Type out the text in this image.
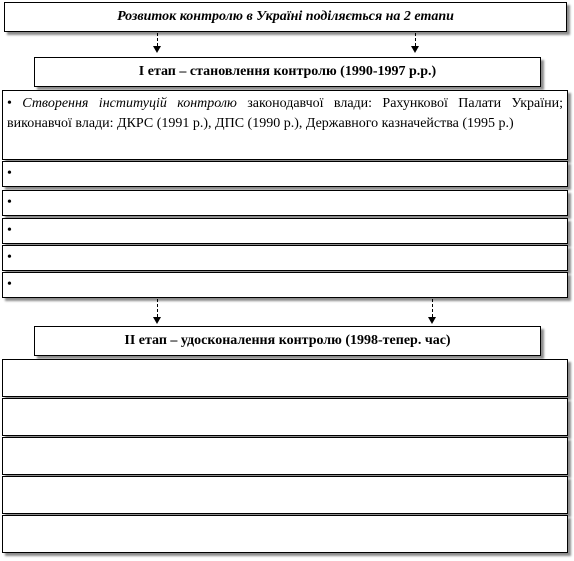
Розвиток контролю в Україні поділяється на 2 етапи
І етап – становлення контролю (1990-1997 р.р.)
• Створення інституцій контролю законодавчої влади: Рахункової Палати України; виконавчої влади: ДКРС (1991 р.), ДПС (1990 р.), Державного казначейства (1995 р.)
•
•
•
•
•
ІІ етап – удосконалення контролю (1998-тепер. час)
